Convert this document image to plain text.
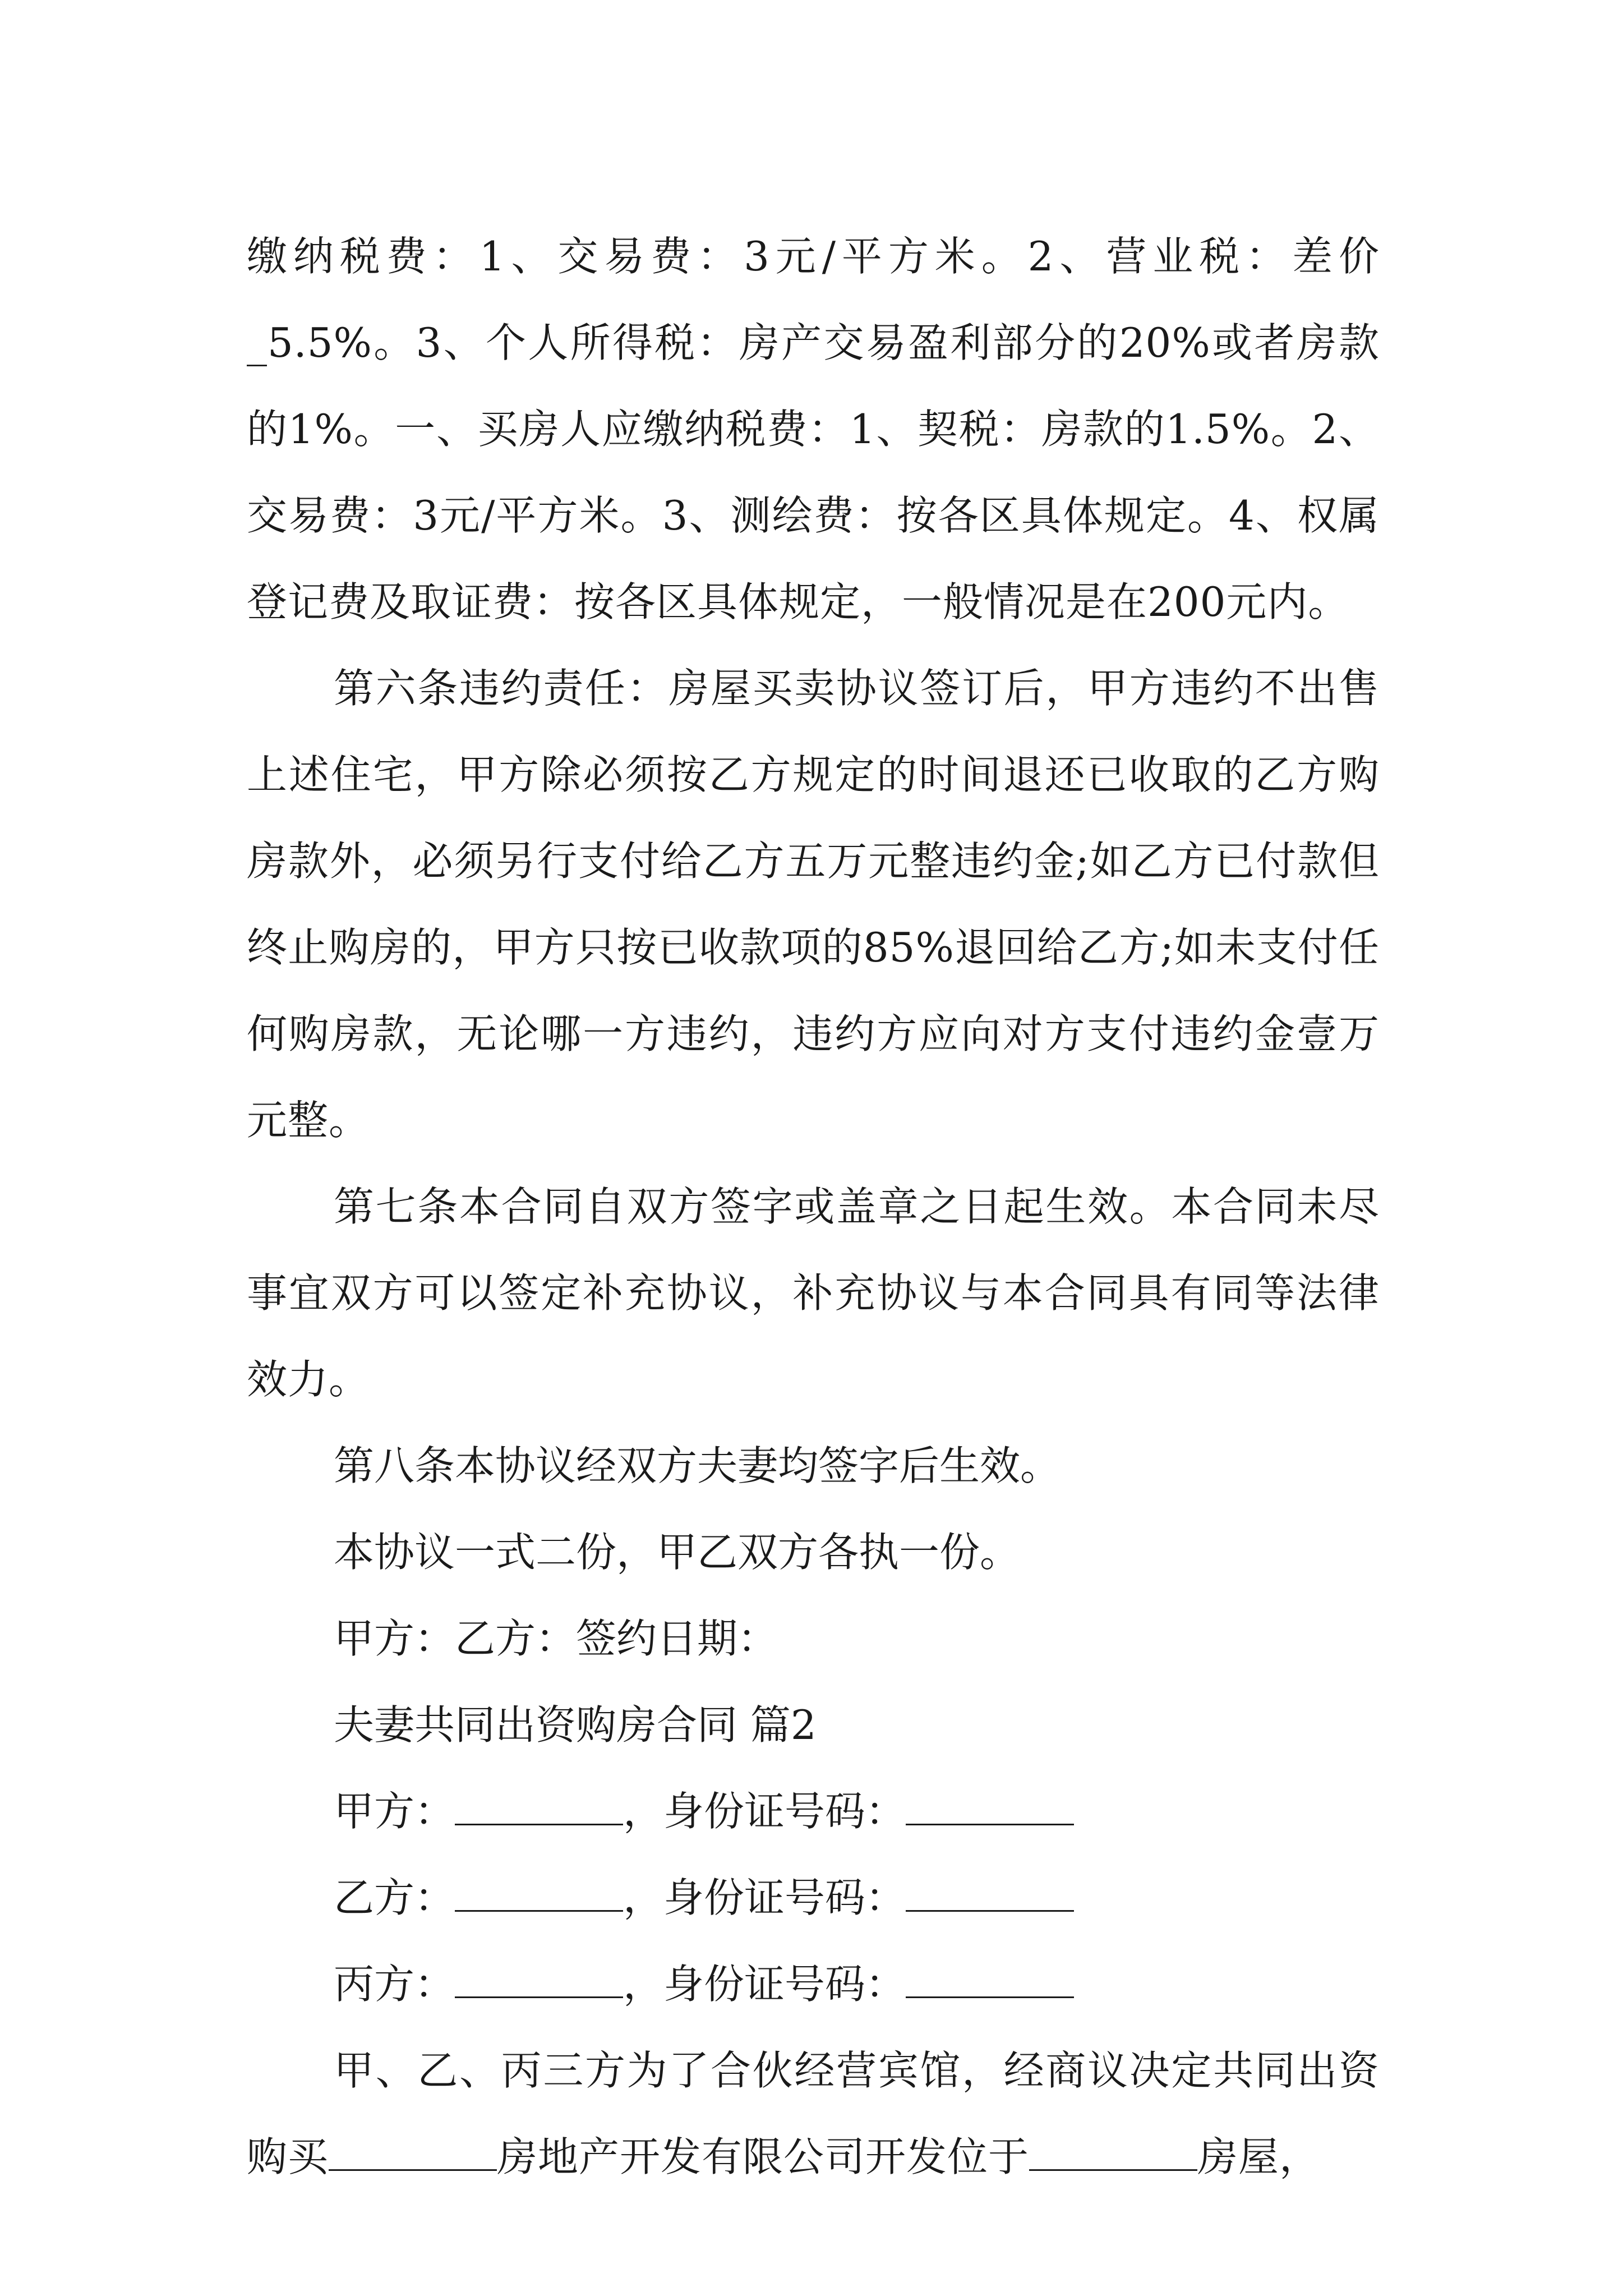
缴纳税费：1、交易费：3元/平方米。2、营业税：差价_5.5%。3、个人所得税：房产交易盈利部分的20%或者房款的1%。一、买房人应缴纳税费：1、契税：房款的1.5%。2、交易费：3元/平方米。3、测绘费：按各区具体规定。4、权属登记费及取证费：按各区具体规定，一般情况是在200元内。

第六条违约责任：房屋买卖协议签订后，甲方违约不出售上述住宅，甲方除必须按乙方规定的时间退还已收取的乙方购房款外，必须另行支付给乙方五万元整违约金;如乙方已付款但终止购房的，甲方只按已收款项的85%退回给乙方;如未支付任何购房款，无论哪一方违约，违约方应向对方支付违约金壹万元整。

第七条本合同自双方签字或盖章之日起生效。本合同未尽事宜双方可以签定补充协议，补充协议与本合同具有同等法律效力。

第八条本协议经双方夫妻均签字后生效。

本协议一式二份，甲乙双方各执一份。

甲方：乙方：签约日期：

夫妻共同出资购房合同 篇2

甲方：	，身份证号码：

乙方：	，身份证号码：

丙方：	，身份证号码：

甲、乙、丙三方为了合伙经营宾馆，经商议决定共同出资购买	房地产开发有限公司开发位于	房屋，
